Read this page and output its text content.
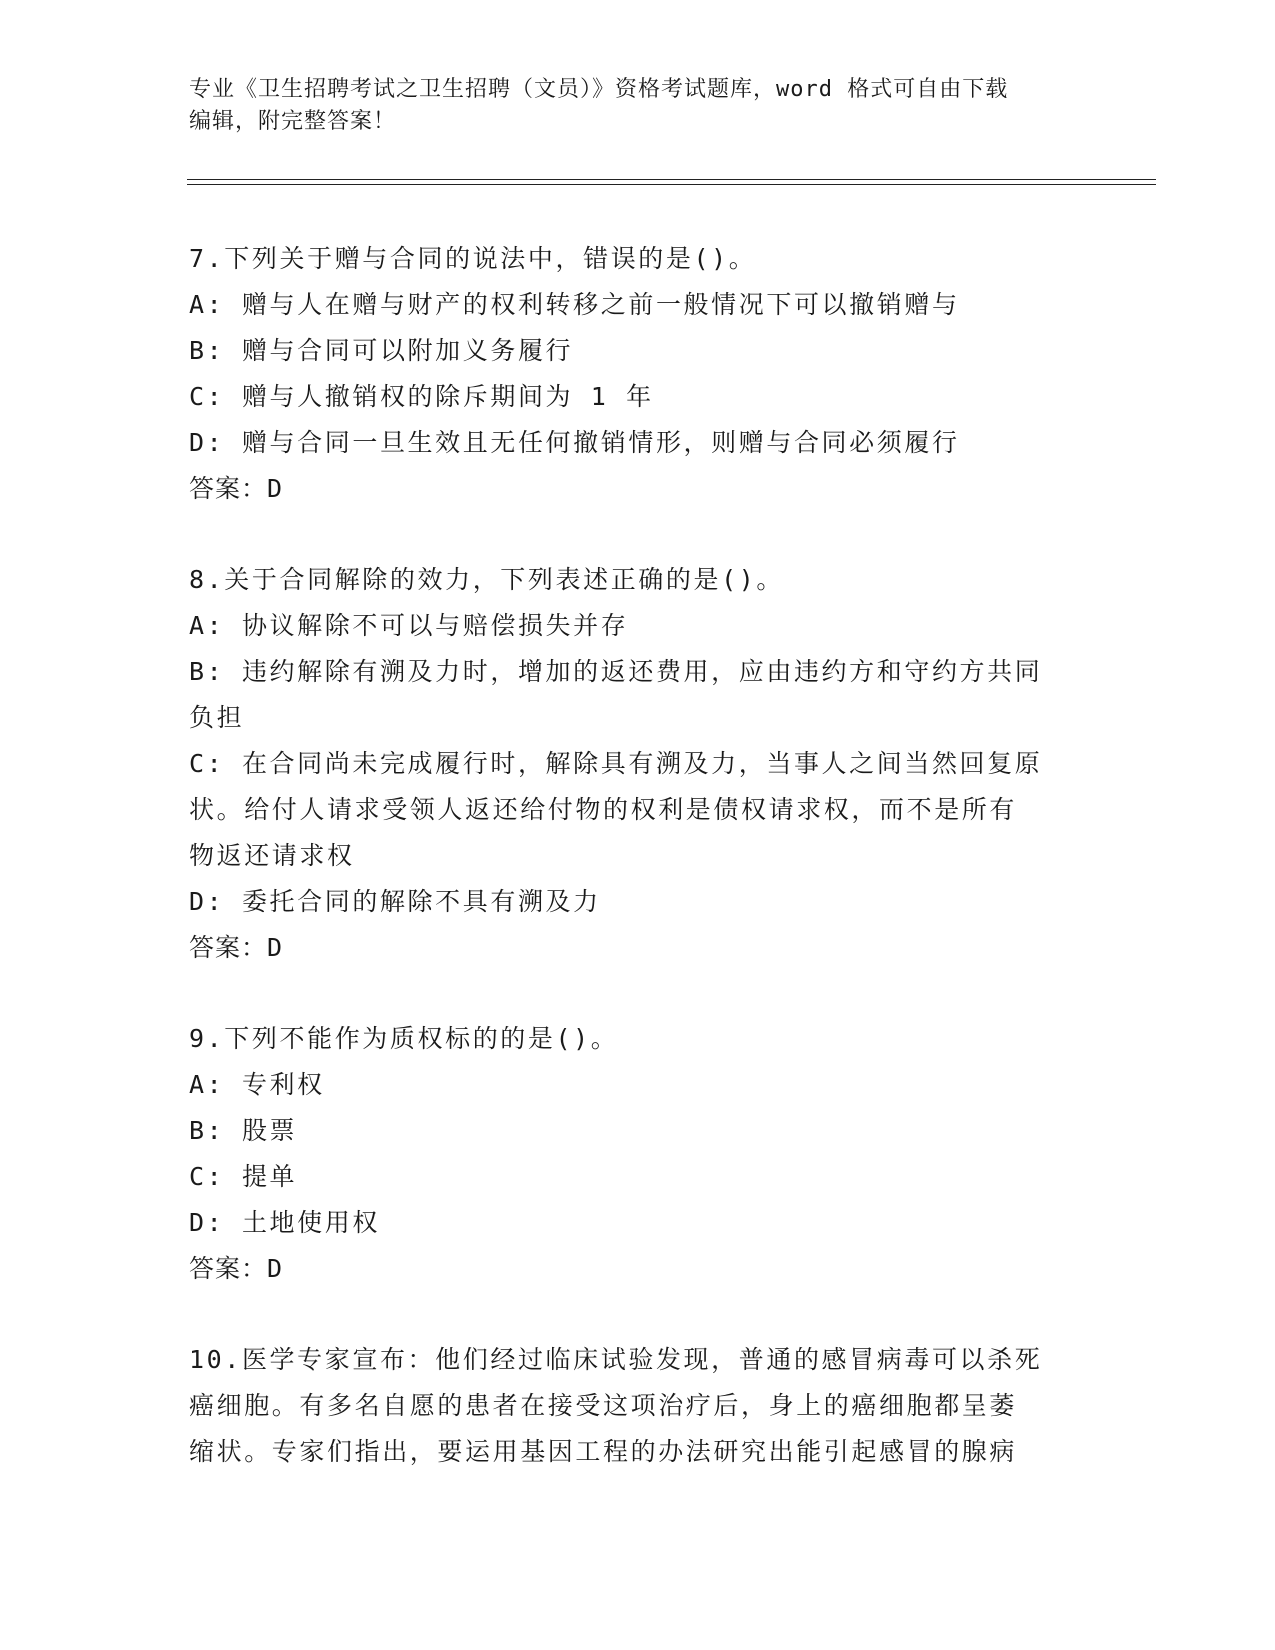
专业《卫生招聘考试之卫生招聘（文员）》资格考试题库，word 格式可自由下载
编辑，附完整答案！
7.下列关于赠与合同的说法中，错误的是()。
A: 赠与人在赠与财产的权利转移之前一般情况下可以撤销赠与
B: 赠与合同可以附加义务履行
C: 赠与人撤销权的除斥期间为 1 年
D: 赠与合同一旦生效且无任何撤销情形，则赠与合同必须履行
答案：D
8.关于合同解除的效力，下列表述正确的是()。
A: 协议解除不可以与赔偿损失并存
B: 违约解除有溯及力时，增加的返还费用，应由违约方和守约方共同
负担
C: 在合同尚未完成履行时，解除具有溯及力，当事人之间当然回复原
状。给付人请求受领人返还给付物的权利是债权请求权，而不是所有
物返还请求权
D: 委托合同的解除不具有溯及力
答案：D
9.下列不能作为质权标的的是()。
A: 专利权
B: 股票
C: 提单
D: 土地使用权
答案：D
10.医学专家宣布：他们经过临床试验发现，普通的感冒病毒可以杀死
癌细胞。有多名自愿的患者在接受这项治疗后，身上的癌细胞都呈萎
缩状。专家们指出，要运用基因工程的办法研究出能引起感冒的腺病
